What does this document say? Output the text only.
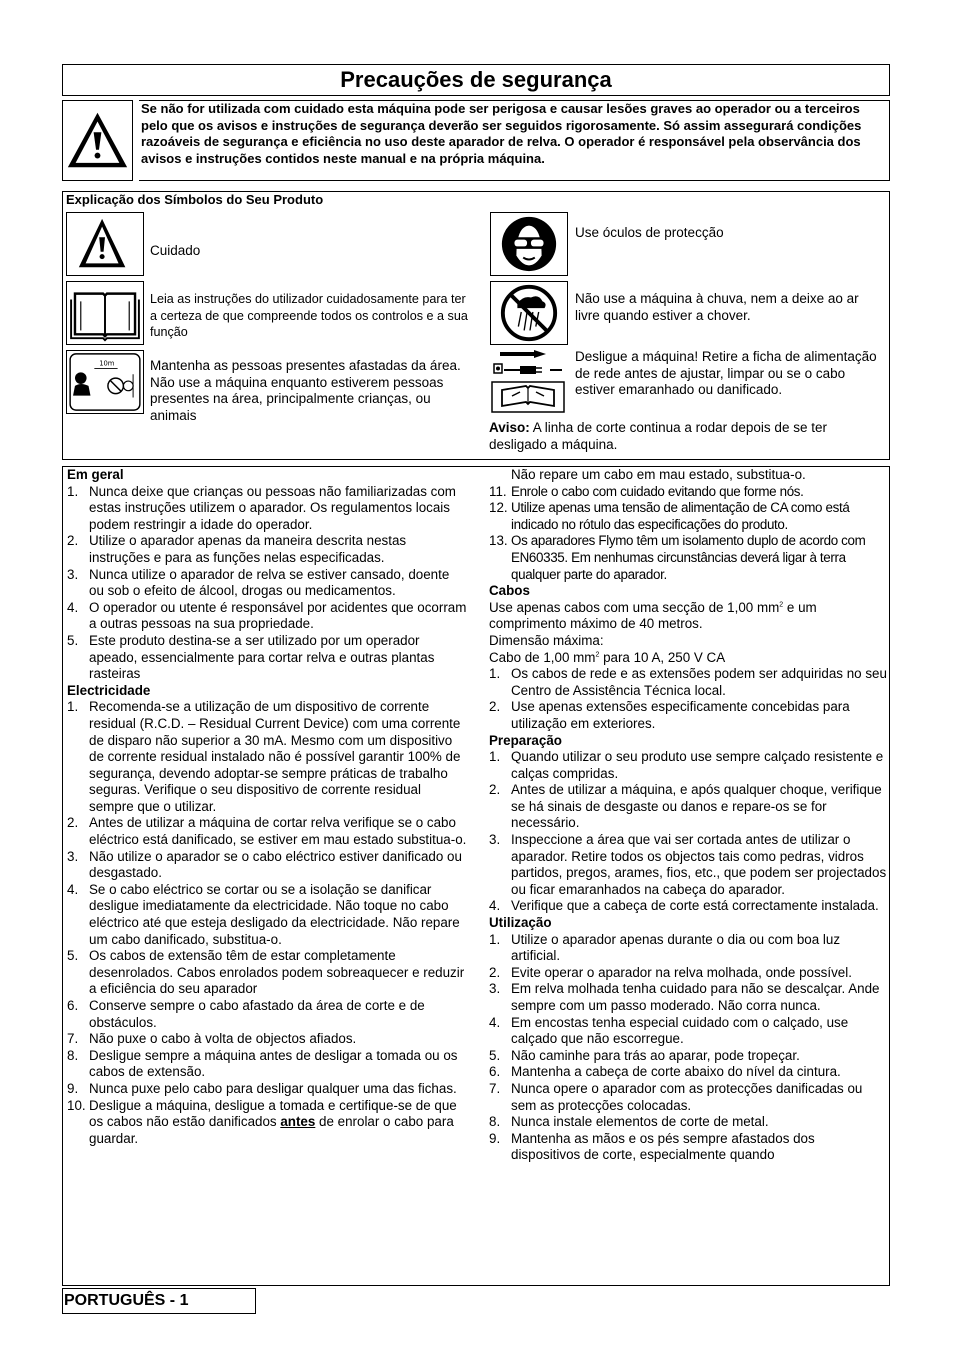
Precauções de segurança
Se não for utilizada com cuidado esta máquina pode ser perigosa e causar lesões graves ao operador ou a terceiros pelo que os avisos e instruções de segurança deverão ser seguidos rigorosamente. Só assim assegurará condições razoáveis de segurança e eficiência no uso deste aparador de relva. O operador é responsável pela observância dos avisos e instruções contidos neste manual e na própria máquina.
Explicação dos Símbolos do Seu Produto
Cuidado
Leia as instruções do utilizador cuidadosamente para ter a certeza de que compreende todos os controlos e a sua função
10m	Mantenha as pessoas presentes afastadas da área. Não use a máquina enquanto estiverem pessoas presentes na área, principalmente crianças, ou animais
Use óculos de protecção
Não use a máquina à chuva, nem a deixe ao ar livre quando estiver a chover.
Desligue a máquina! Retire a ficha de alimentação de rede antes de ajustar, limpar ou se o cabo estiver emaranhado ou danificado.
Aviso: A linha de corte continua a rodar depois de se ter desligado a máquina.
Em geral
1. Nunca deixe que crianças ou pessoas não familiarizadas com estas instruções utilizem o aparador. Os regulamentos locais podem restringir a idade do operador.
2. Utilize o aparador apenas da maneira descrita nestas instruções e para as funções nelas especificadas.
3. Nunca utilize o aparador de relva se estiver cansado, doente ou sob o efeito de álcool, drogas ou medicamentos.
4. O operador ou utente é responsável por acidentes que ocorram a outras pessoas na sua propriedade.
5. Este produto destina-se a ser utilizado por um operador apeado, essencialmente para cortar relva e outras plantas rasteiras
Electricidade
1. Recomenda-se a utilização de um dispositivo de corrente residual (R.C.D. – Residual Current Device) com uma corrente de disparo não superior a 30 mA. Mesmo com um dispositivo de corrente residual instalado não é possível garantir 100% de segurança, devendo adoptar-se sempre práticas de trabalho seguras. Verifique o seu dispositivo de corrente residual sempre que o utilizar.
2. Antes de utilizar a máquina de cortar relva verifique se o cabo eléctrico está danificado, se estiver em mau estado substitua-o.
3. Não utilize o aparador se o cabo eléctrico estiver danificado ou desgastado.
4. Se o cabo eléctrico se cortar ou se a isolação se danificar desligue imediatamente da electricidade. Não toque no cabo eléctrico até que esteja desligado da electricidade. Não repare um cabo danificado, substitua-o.
5. Os cabos de extensão têm de estar completamente desenrolados. Cabos enrolados podem sobreaquecer e reduzir a eficiência do seu aparador
6. Conserve sempre o cabo afastado da área de corte e de obstáculos.
7. Não puxe o cabo à volta de objectos afiados.
8. Desligue sempre a máquina antes de desligar a tomada ou os cabos de extensão.
9. Nunca puxe pelo cabo para desligar qualquer uma das fichas.
10. Desligue a máquina, desligue a tomada e certifique-se de que os cabos não estão danificados antes de enrolar o cabo para guardar.
Não repare um cabo em mau estado, substitua-o.
11. Enrole o cabo com cuidado evitando que forme nós.
12. Utilize apenas uma tensão de alimentação de CA como está indicado no rótulo das especificações do produto.
13. Os aparadores Flymo têm um isolamento duplo de acordo com EN60335. Em nenhumas circunstâncias deverá ligar à terra qualquer parte do aparador.
Cabos
Use apenas cabos com uma secção de 1,00 $mm^2$ e um comprimento máximo de 40 metros.
Dimensão máxima:
Cabo de 1,00 $mm^2$ para 10 A, 250 V CA
1. Os cabos de rede e as extensões podem ser adquiridas no seu Centro de Assistência Técnica local.
2. Use apenas extensões especificamente concebidas para utilização em exteriores.
Preparação
1. Quando utilizar o seu produto use sempre calçado resistente e calças compridas.
2. Antes de utilizar a máquina, e após qualquer choque, verifique se há sinais de desgaste ou danos e repare-os se for necessário.
3. Inspeccione a área que vai ser cortada antes de utilizar o aparador. Retire todos os objectos tais como pedras, vidros partidos, pregos, arames, fios, etc., que podem ser projectados ou ficar emaranhados na cabeça do aparador.
4. Verifique que a cabeça de corte está correctamente instalada.
Utilização
1. Utilize o aparador apenas durante o dia ou com boa luz artificial.
2. Evite operar o aparador na relva molhada, onde possível.
3. Em relva molhada tenha cuidado para não se descalçar. Ande sempre com um passo moderado. Não corra nunca.
4. Em encostas tenha especial cuidado com o calçado, use calçado que não escorregue.
5. Não caminhe para trás ao aparar, pode tropeçar.
6. Mantenha a cabeça de corte abaixo do nível da cintura.
7. Nunca opere o aparador com as protecções danificadas ou sem as protecções colocadas.
8. Nunca instale elementos de corte de metal.
9. Mantenha as mãos e os pés sempre afastados dos dispositivos de corte, especialmente quando
PORTUGUÊS - 1
